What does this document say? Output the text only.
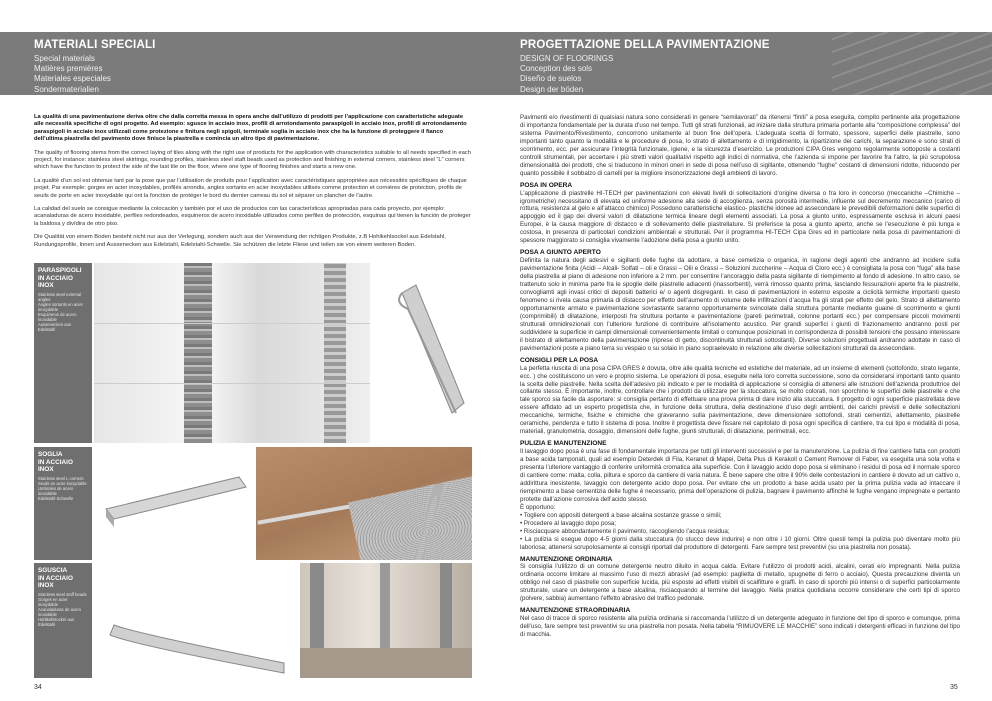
MATERIALI SPECIALI
Special materials
Matières premières
Materiales especiales
Sondermaterialien
PROGETTAZIONE DELLA PAVIMENTAZIONE
DESIGN OF FLOORINGS
Conception des sols
Diseño de suelos
Design der böden

La qualità di una pavimentazione deriva oltre che dalla corretta messa in opera anche dall’utilizzo di prodotti per l’applicazione con caratteristiche adeguate alle necessità specifiche di ogni progetto. Ad esempio: sgusce in acciaio inox, profili di arrotondamento paraspigoli in acciaio inox, profili di arrotondamento paraspigoli in acciaio inox utilizzati come protezione e finitura negli spigoli, terminale soglia in acciaio inox che ha la funzione di proteggere il fianco dell’ultima piastrella del pavimento dove finisce la piastrella e comincia un altro tipo di pavimentazione.

The quality of flooring stems from the correct laying of tiles along with the right use of products for the application with characteristics suitable to all needs specified in each project, for instance: stainless steel skirtings, rounding profiles, stainless steel staft beads used as protection and finishing in external corners, stainless steel “L” corners which have the function to protect the side of the last tile on the floor, where one type of flooring finishes and starts a new one.

La qualité d’un sol est obtenue tant par la pose que par l’utilisation de produits pour l’application avec caractéristiques appropriées aux nécessités spécifiques de chaque projet. Par exemple: gorges en acier inoxydables, profilés arrondis, angles sortants en acier inoxydables utilisés comme protection et cornières de protection, profils de seuils de porte en acier inoxydable qui ont la fonction de protéger le bord du dernier carreau du sol et séparer un plancher de l’autre.

La calidad del suelo se consigue mediante la colocación y también por el uso de productos con las características apropriadas para cada proyecto, por ejemplo: acanaladuras de acero inoxidable, perfiles redondeados, esquineros de acero inoxidable utilizados como perfiles de protección, esquinas qui tienen la función de proteger la baldosa y divídira de otro piso.

Die Qualität von einem Boden besteht nicht nur aus der Verlegung, sondern auch aus der Verwendung der richtigen Produkte, z.B Hohlkehlsockel aus Edelstahl, Rundungsprofile, Innen und Aussenecken aus Edelstahl, Edelstahl-Schwelle. Sie schützen die letzte Fliese und teilen sie von einem weiteren Boden.

PARASPIGOLI
IN ACCIAIO INOX
Stainless steel external angles
Angles sortants en acier inoxydable
Esquineros de acero inoxidable
Aussenecken aus Edelstahl
SOGLIA
IN ACCIAIO INOX
Stainless steel L corners
Seuils en acier inoxydable
Umbrales de acero inoxidable
Edelstahl-Schwelle
SGUSCIA
IN ACCIAIO INOX
Stainless steel staff beads
Gorges en acier inoxydable
Acanaladuras de acero inoxidable
Hohlkehlsockel aus Edelstahl
34

Pavimenti e/o rivestimenti di qualsiasi natura sono considerati in genere “semilavorati” da ritenersi “finiti” a posa eseguita, compito pertinente alla progettazione di importanza fondamentale per la durata d’uso nel tempo. Tutti gli strati funzionali, ad iniziare dalla struttura primaria portante alla “composizione complessa” del sistema Pavimento/Rivestimento, concorrono unitamente al buon fine dell’opera. L’adeguata scelta di formato, spessore, superfici delle piastrelle, sono importanti tanto quanto la modalità e le procedure di posa, lo strato di allettamento e di irrigidimento, la ripartizione dei carichi, la separazione e sono strati di scorrimento, ecc. per assicurare l’integrità funzionale, igiene, e la sicurezza d’esercizio. Le produzioni CIPA Gres vengono regolarmente sottoposte a costanti controlli strumentali, per accertare i più stretti valori qualitativi rispetto agli indici di normativa, che l’azienda si impone per favorire fra l’altro, la più scrupolosa dimensionalità dei prodotti, che si traducono in minori oneri in sede di posa nell’uso di sigillante, ottenendo “fughe” costanti di dimensioni ridotte, riducendo per quanto possibile il sobbalzo di carrelli per la migliore insonorizzazione degli ambienti di lavoro.

POSA IN OPERA

L’applicazione di piastrelle HI-TECH per pavimentazioni con elevati livelli di sollecitazioni d’origine diversa o fra loro in concorso (meccaniche –Chimiche – igrometriche) necessitano di elevata ed uniforme adesione alla sede di accoglienza, senza porosità intermedie, influente sul decremento meccanico (carico di rottura, resistenza al gelo e all’attacco chimico) Possedono caratteristiche elastico- plastiche idonee ad assecondare le prevedibili deformazioni delle superfici di appoggio ed il gap dei diversi valori di dilatazione termica lineare degli elementi associati. La posa a giunto unito, espressamente esclusa in alcuni paesi Europei, è la causa maggiore di distacco e di sollevamento delle piastrellature. Si preferisce la posa a giunto aperto, anche se l’esecuzione è più lunga e costosa, in presenza di particolari condizioni ambientali e strutturali. Per il programma HI-TECH Cipa Gres ed in particolare nella posa di pavimentazioni di spessore maggiorato si consiglia vivamente l’adozione della posa a giunto unito.

POSA A GIUNTO APERTO

Definita la natura degli adesivi e sigillanti delle fughe da adottare, a base cemetizia o organica, in ragione degli agenti che andranno ad incidere sulla pavimentazione finita (Acidi – Alcali- Solfati – oli e Grassi – Olii e Grassi – Soluzioni zuccherine – Acqua di Cloro ecc.) è consigliata la posa con “fuga” alla base della piastrella al piano di adesione non inferiore a 2 mm. per consentire l’ancoraggio della pasta sigillante di riempimento al fondo di adesione. In altro caso, se trattenuto solo in minima parte fra le spoglie delle piastrelle adiacenti (inassorbenti), verrà rimosso quanto prima, lasciando fessurazioni aperte fra le piastrelle, convogliamti agli invasi critici di depositi batterici e/ o agenti disgreganti. In caso di pavimentazioni in esterno esposte a ciclicità termiche importanti questo fenomeno si rivela causa primaria di distacco per effetto dell’aumento di volume delle infiltrazioni d’acqua fra gli strati per effetto del gelo. Strato di allettamento opportunamente armato e pavimentazione sovrastante saranno opportunamente svincolate dalla struttura portante mediante guaine di scorrimento e giunti (comprimibili) di dilatazione, interposti fra struttura portante e pavimentazione (pareti perimetrali, colonne portanti ecc.) per compensare piccoli movimenti strutturali omnidirezionali con l’ulteriore funzione di contribuire all’isolamento acustico. Per grandi superfici i giunti di frazionamento andranno posti per suddividere la superficie in campi dimensionali convenientemente limitati o comunque posizionati in corrispondenza di possibili tensioni che possano interessare il bistrato di allettamento della pavimentazione (riprese di getto, discontinuità strutturali sottostanti). Diverse soluzioni progettuali andranno adottate in caso di pavimentazioni poste a piano terra su vespaio o su solaio in piano sopraelevato in relazione alle diverse sollecitazioni strutturali da assecondare.

CONSIGLI PER LA POSA

La perfetta riuscita di una posa CIPA GRES è dovuta, oltre alle qualità tecniche ed estetiche del materiale, ad un insieme di elementi (sottofondo, strato legante, ecc. ) che costituiscono un vero e proprio sistema. Le operazioni di posa, eseguite nella loro corretta successione, sono da considerarsi importanti tanto quanto la scelta delle piastrelle. Nella scelta dell’adesivo più indicato e per le modalità di applicazione si consiglia di attenersi alle istruzioni dell’azienda produttrice del collante stesso. È importante, inoltre, controllare che i prodotti da utilizzare per la stuccatura, se molto colorati, non sporchino le superfici delle piastrelle e che tale sporco sia facile da asportare: si consiglia pertanto di effettuare una prova prima di dare inizio alla stuccatura. Il progetto di ogni superficie piastrellata deve essere affidato ad un esperto progettista che, in funzione della struttura, della destinazione d’uso degli ambienti, dei carichi previsti e delle sollecitazioni meccaniche, termiche, fisiche e chimiche che graveranno sulla pavimentazione, deve dimensionare sottofondi, strati cementizi, allettamento, piastrelle ceramiche, pendenza e tutto il sistema di posa. Inoltre il progettista deve fissare nel capitolato di posa ogni specifica di cantiere, tra cui tipo e modalità di posa, materiali, granulometria, dosaggio, dimensioni delle fughe, giunti strutturali, di dilatazione, perimetrali, ecc.

PULIZIA E MANUTENZIONE

Il lavaggio dopo posa è una fase di fondamentale importanza per tutti gli interventi successivi e per la manutenzione. La pulizia di fine cantiere fatta con prodotti a base acida tamponati, quali ad esempio Deterdek di Fila, Keranet di Mapei, Delta Plus di Kerakoll o Cement Remover di Faber, va eseguita una sola volta e presenta l’ulteriore vantaggio di conferire uniformità cromatica alla superficie. Con il lavaggio acido dopo posa si eliminano i residui di posa ed il normale sporco di cantiere come: malta, colla, piltura e sporco da cantiere di varia natura. È bene sapere che oltre il 90% delle contestazioni in cantiere è dovuto ad un cattivo o, addirittura inesistente, lavaggio con detergente acido dopo posa. Per evitare che un prodotto a base acida usato per la prima pulizia vada ad intaccare il riempimento a base cementizia delle fughe è necessario, prima dell’operazione di pulizia, bagnare il pavimento affinché le fughe vengano impregnate e pertanto protette dall’azione corrosiva dell’acido stesso.
È opportuno:
• Togliere con appositi detergenti a base alcalina sostanze grasse o simili;
• Procedere al lavaggio dopo posa;
• Risciacquare abbondantemente il pavimento, raccogliendo l’acqua residua;
• La pulizia si esegue dopo 4-5 giorni dalla stuccatura (lo stucco deve indurire) e non oltre i 10 giorni. Oltre questi tempi la pulizia può diventare molto più laboriosa; attenersi scrupolosamente ai consigli riportati dal produttore di detergenti. Fare sempre test preventivi (su una piastrella non posata).

MANUTENZIONE ORDINARIA

Si consiglia l’utilizzo di un comune detergente neutro diluito in acqua calda. Evitare l’utilizzo di prodotti acidi, alcalini, cerati e/o impregnanti. Nella pulizia ordinaria occorre limitare al massimo l’uso di mezzi abrasivi (ad esempio: paglietta di metallo, spugnette di ferro o acciaio). Questa precauzione diventa un obbligo nel caso di piastrelle con superficie lucida, più esposte ad effetti visibili di scalfitture e graffi. In caso di sporchi più intensi o di superfici particolarmente strutturate, usare un detergente a base alcalina, risciacquando al termine del lavaggio. Nella pratica quotidiana occorre considerare che certi tipi di sporco (polvere, sabbia) aumentano l’effetto abrasivo del traffico pedonale.

MANUTENZIONE STRAORDINARIA

Nel caso di tracce di sporco resistente alla pulizia ordinaria si raccomanda l’utilizzo di un detergente adeguato in funzione del tipo di sporco e comunque, prima dell’uso, fare sempre test preventivi su una piastrella non posata. Nella tabella “RIMUOVERE LE MACCHIE” sono indicati i detergenti efficaci in funzione del tipo di macchia.

35
